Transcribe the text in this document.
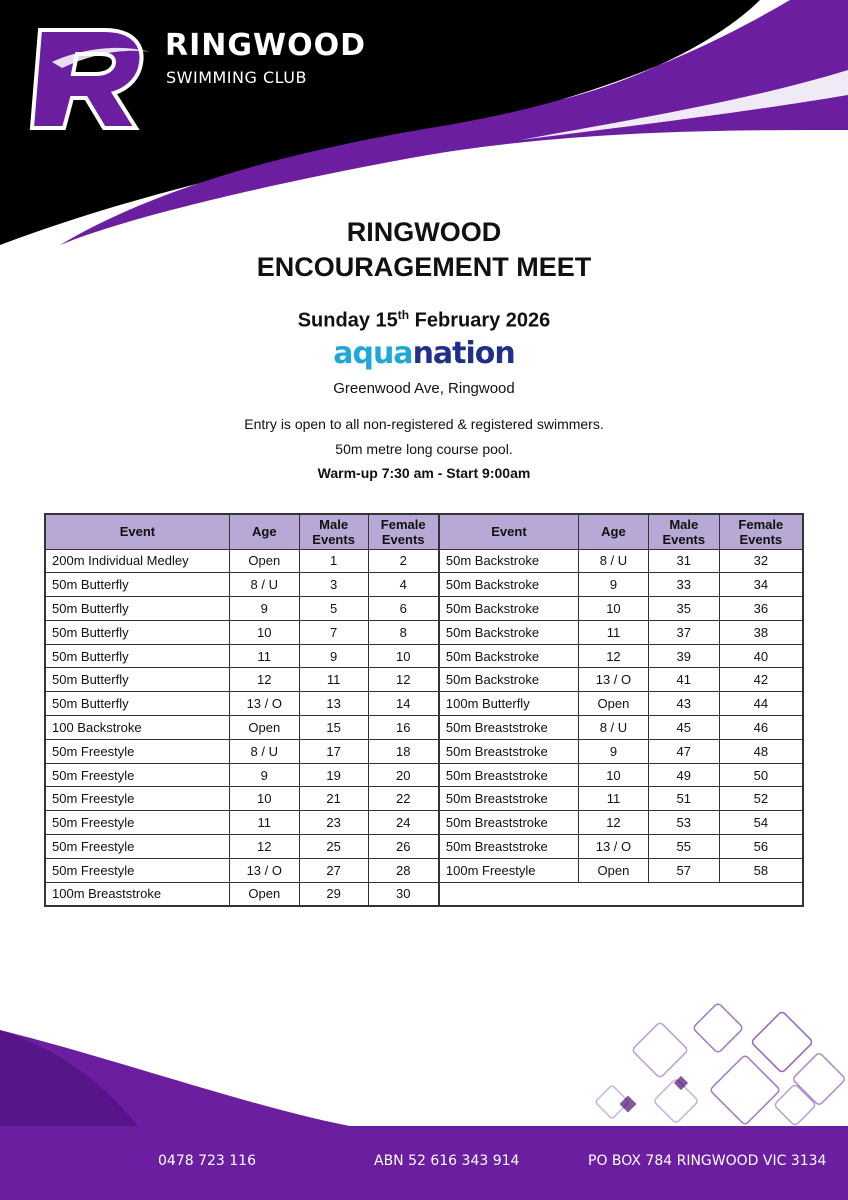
RINGWOOD
SWIMMING CLUB
RINGWOOD
ENCOURAGEMENT MEET
Sunday 15th February 2026
aquanation
Greenwood Ave, Ringwood
Entry is open to all non-registered & registered swimmers.
50m metre long course pool.
Warm-up 7:30 am - Start 9:00am
Event	Age	Male Events	Female Events	Event	Age	Male Events	Female Events
200m Individual Medley	Open	1	2	50m Backstroke	8 / U	31	32
50m Butterfly	8 / U	3	4	50m Backstroke	9	33	34
50m Butterfly	9	5	6	50m Backstroke	10	35	36
50m Butterfly	10	7	8	50m Backstroke	11	37	38
50m Butterfly	11	9	10	50m Backstroke	12	39	40
50m Butterfly	12	11	12	50m Backstroke	13 / O	41	42
50m Butterfly	13 / O	13	14	100m Butterfly	Open	43	44
100 Backstroke	Open	15	16	50m Breaststroke	8 / U	45	46
50m Freestyle	8 / U	17	18	50m Breaststroke	9	47	48
50m Freestyle	9	19	20	50m Breaststroke	10	49	50
50m Freestyle	10	21	22	50m Breaststroke	11	51	52
50m Freestyle	11	23	24	50m Breaststroke	12	53	54
50m Freestyle	12	25	26	50m Breaststroke	13 / O	55	56
50m Freestyle	13 / O	27	28	100m Freestyle	Open	57	58
100m Breaststroke	Open	29	30				
0478 723 116	ABN 52 616 343 914	PO BOX 784 RINGWOOD VIC 3134
